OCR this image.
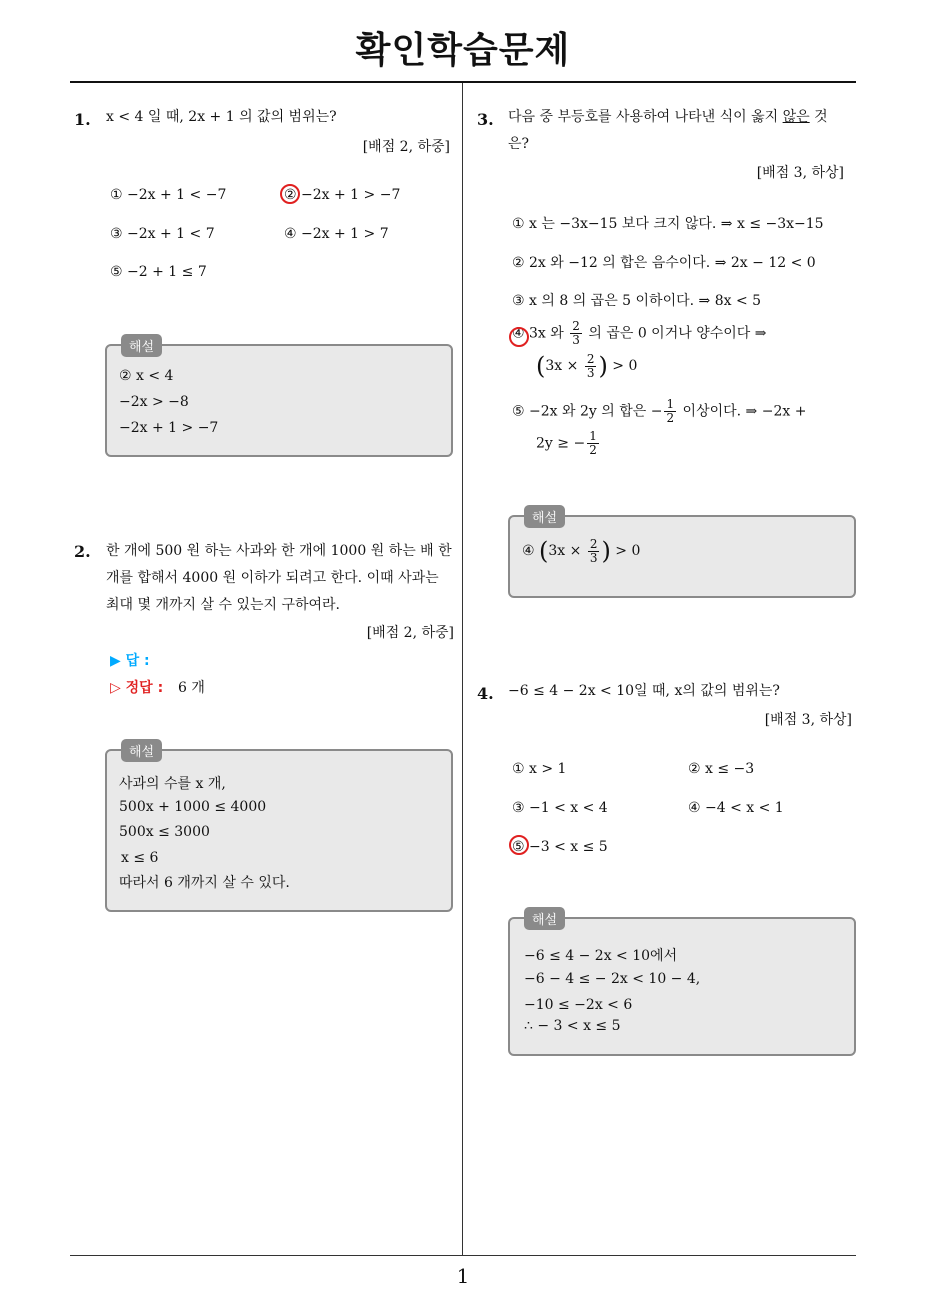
확인학습문제
1. x < 4 일 때, 2x + 1 의 값의 범위는?
[배점 2, 하중]
① −2x + 1 < −7	② −2x + 1 > −7
③ −2x + 1 < 7	④ −2x + 1 > 7
⑤ −2 + 1 ≤ 7
해설
② x < 4
−2x > −8
−2x + 1 > −7
2. 한 개에 500 원 하는 사과와 한 개에 1000 원 하는 배 한
개를 합해서 4000 원 이하가 되려고 한다. 이때 사과는
최대 몇 개까지 살 수 있는지 구하여라.
[배점 2, 하중]
▶ 답 :
▷ 정답 : 6 개
해설
사과의 수를 x 개,
500x + 1000 ≤ 4000
500x ≤ 3000
x ≤ 6
따라서 6 개까지 살 수 있다.
3. 다음 중 부등호를 사용하여 나타낸 식이 옳지 않은 것
은?
[배점 3, 하상]
① x 는 −3x−15 보다 크지 않다. ⇒ x ≤ −3x−15
② 2x 와 −12 의 합은 음수이다. ⇒ 2x − 12 < 0
③ x 의 8 의 곱은 5 이하이다. ⇒ 8x < 5
④ 3x 와 $\frac{2}{3}$ 의 곱은 0 이거나 양수이다 ⇒
($3x \times \frac{2}{3}$ ) > 0
⑤ −2x 와 2y 의 합은 − $\frac{1}{2}$ 이상이다. ⇒ −2x +
2y ≥ − $\frac{1}{2}$
해설
④ ($3x \times \frac{2}{3}$ ) > 0
4. −6 ≤ 4 − 2x < 10일 때, x의 값의 범위는?
[배점 3, 하상]
① x > 1	② x ≤ −3
③ −1 < x < 4	④ −4 < x < 1
⑤ −3 < x ≤ 5
해설
−6 ≤ 4 − 2x < 10에서
−6 − 4 ≤ − 2x < 10 − 4,
−10 ≤ −2x < 6
∴ − 3 < x ≤ 5
1
